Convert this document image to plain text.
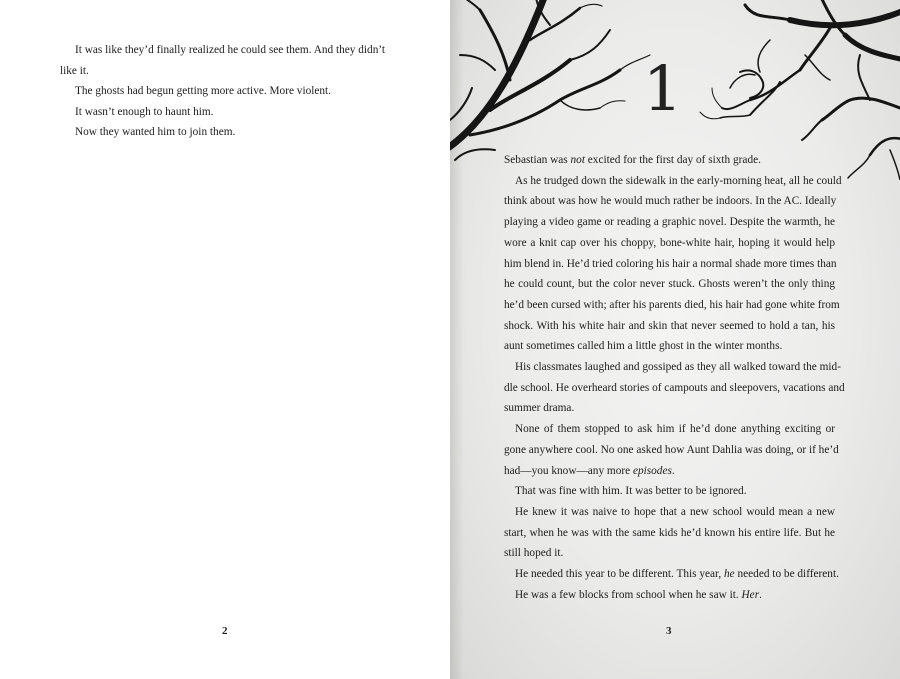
It was like they’d finally realized he could see them. And they didn’t

like it.

The ghosts had begun getting more active. More violent.

It wasn’t enough to haunt him.

Now they wanted him to join them.

2
1
Sebastian was not excited for the first day of sixth grade.
As he trudged down the sidewalk in the early-morning heat, all he could
think about was how he would much rather be indoors. In the AC. Ideally
playing a video game or reading a graphic novel. Despite the warmth, he
wore a knit cap over his choppy, bone-white hair, hoping it would help
him blend in. He’d tried coloring his hair a normal shade more times than
he could count, but the color never stuck. Ghosts weren’t the only thing
he’d been cursed with; after his parents died, his hair had gone white from
shock. With his white hair and skin that never seemed to hold a tan, his
aunt sometimes called him a little ghost in the winter months.
His classmates laughed and gossiped as they all walked toward the mid-
dle school. He overheard stories of campouts and sleepovers, vacations and
summer drama.
None of them stopped to ask him if he’d done anything exciting or
gone anywhere cool. No one asked how Aunt Dahlia was doing, or if he’d
had—you know—any more episodes.
That was fine with him. It was better to be ignored.
He knew it was naive to hope that a new school would mean a new
start, when he was with the same kids he’d known his entire life. But he
still hoped it.
He needed this year to be different. This year, he needed to be different.
He was a few blocks from school when he saw it. Her.
3
